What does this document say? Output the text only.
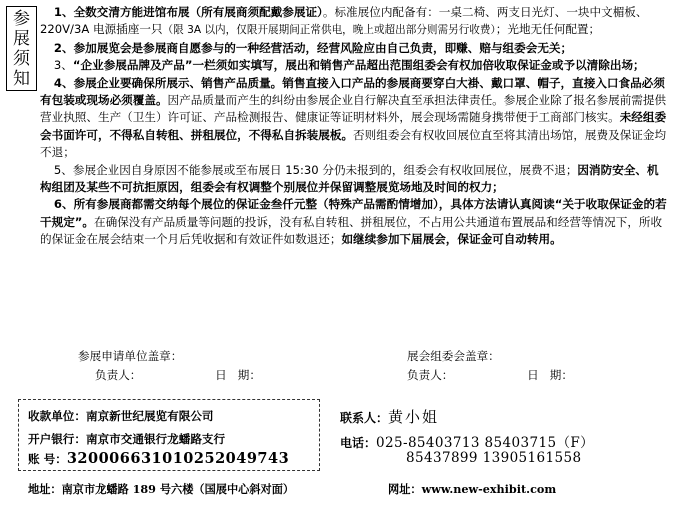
参
展
须
知

1、全数交清方能进馆布展（所有展商须配戴参展证）。标准展位内配备有：一桌二椅、两支日光灯、一块中文楣板、220V/3A 电源插座一只（限 3A 以内，仅限开展期间正常供电，晚上或超出部分则需另行收费）；光地无任何配置；

2、参加展览会是参展商自愿参与的一种经营活动，经营风险应由自己负责，即赚、赔与组委会无关；

3、“企业参展品牌及产品”一栏须如实填写，展出和销售产品超出范围组委会有权加倍收取保证金或予以清除出场；

4、参展企业要确保所展示、销售产品质量。销售直接入口产品的参展商要穿白大褂、戴口罩、帽子，直接入口食品必须有包装或现场必须覆盖。因产品质量而产生的纠纷由参展企业自行解决直至承担法律责任。参展企业除了报名参展前需提供营业执照、生产（卫生）许可证、产品检测报告、健康证等证明材料外，展会现场需随身携带便于工商部门核实。未经组委会书面许可，不得私自转租、拼租展位，不得私自拆装展板。否则组委会有权收回展位直至将其清出场馆，展费及保证金均不退；

5、参展企业因自身原因不能参展或至布展日 15:30 分仍未报到的，组委会有权收回展位，展费不退；因消防安全、机构组团及某些不可抗拒原因，组委会有权调整个别展位并保留调整展览场地及时间的权力；

6、所有参展商都需交纳每个展位的保证金叁仟元整（特殊产品需酌情增加），具体方法请认真阅读“关于收取保证金的若干规定”。在确保没有产品质量等问题的投诉，没有私自转租、拼租展位，不占用公共通道布置展品和经营等情况下，所收的保证金在展会结束一个月后凭收据和有效证件如数退还；如继续参加下届展会，保证金可自动转用。

参展申请单位盖章：	展会组委会盖章：
负责人：                    日   期：	负责人：                    日   期：
收款单位：南京新世纪展览有限公司
开户银行：南京市交通银行龙蟠路支行
账 号：320006631010252049743
联系人：黄小姐
电话：025-85403713 85403715（F）
85437899 13905161558
地址：南京市龙蟠路 189 号六楼（国展中心斜对面）	网址：www.new-exhibit.com
